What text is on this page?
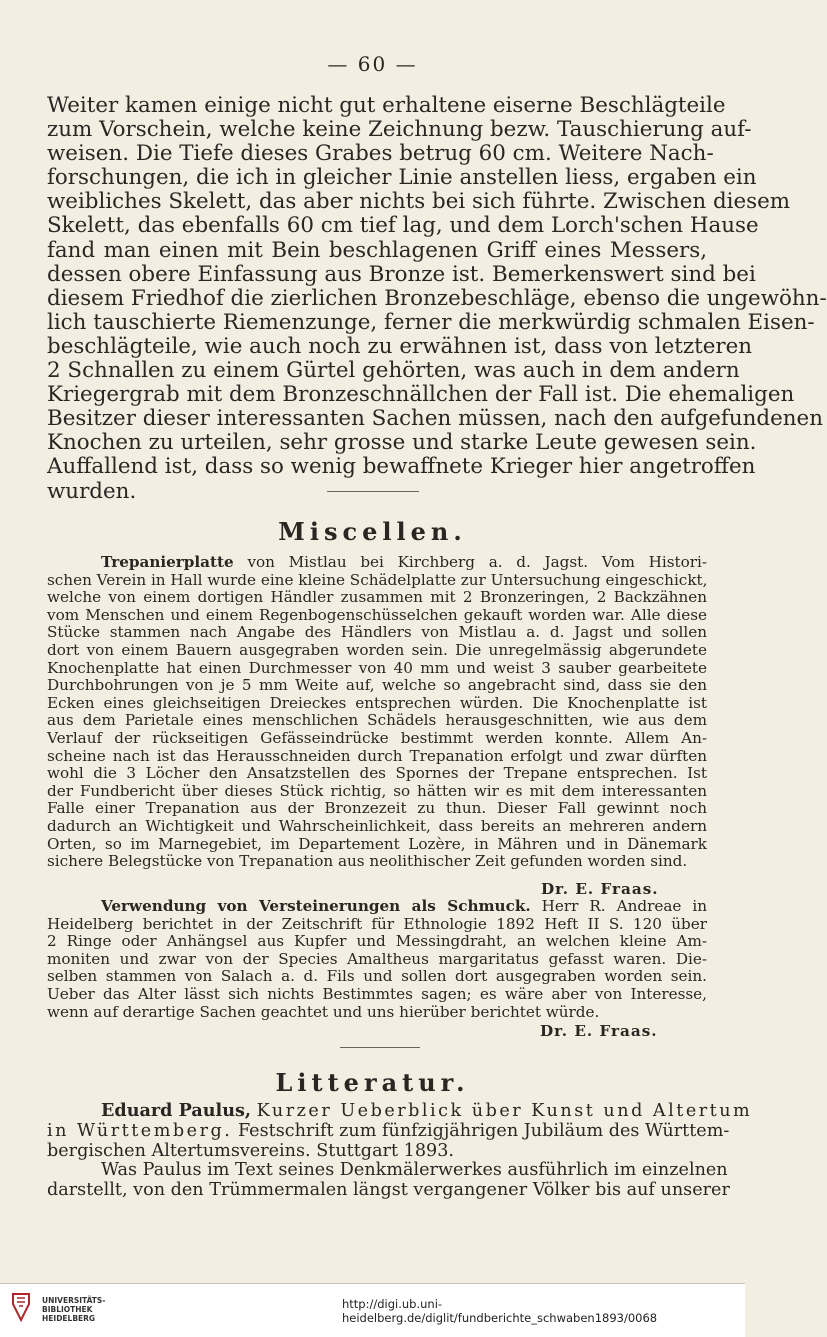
— 60 —
Weiter kamen einige nicht gut erhaltene eiserne Beschlägteile
zum Vorschein, welche keine Zeichnung bezw. Tauschierung auf-
weisen. Die Tiefe dieses Grabes betrug 60 cm. Weitere Nach-
forschungen, die ich in gleicher Linie anstellen liess, ergaben ein
weibliches Skelett, das aber nichts bei sich führte. Zwischen diesem
Skelett, das ebenfalls 60 cm tief lag, und dem Lorch'schen Hause
fand man einen mit Bein beschlagenen Griff eines Messers,
dessen obere Einfassung aus Bronze ist. Bemerkenswert sind bei
diesem Friedhof die zierlichen Bronzebeschläge, ebenso die ungewöhn-
lich tauschierte Riemenzunge, ferner die merkwürdig schmalen Eisen-
beschlägteile, wie auch noch zu erwähnen ist, dass von letzteren
2 Schnallen zu einem Gürtel gehörten, was auch in dem andern
Kriegergrab mit dem Bronzeschnällchen der Fall ist. Die ehemaligen
Besitzer dieser interessanten Sachen müssen, nach den aufgefundenen
Knochen zu urteilen, sehr grosse und starke Leute gewesen sein.
Auffallend ist, dass so wenig bewaffnete Krieger hier angetroffen
wurden.
Miscellen.
Trepanierplatte von Mistlau bei Kirchberg a. d. Jagst. Vom Histori-
schen Verein in Hall wurde eine kleine Schädelplatte zur Untersuchung eingeschickt,
welche von einem dortigen Händler zusammen mit 2 Bronzeringen, 2 Backzähnen
vom Menschen und einem Regenbogenschüsselchen gekauft worden war. Alle diese
Stücke stammen nach Angabe des Händlers von Mistlau a. d. Jagst und sollen
dort von einem Bauern ausgegraben worden sein. Die unregelmässig abgerundete
Knochenplatte hat einen Durchmesser von 40 mm und weist 3 sauber gearbeitete
Durchbohrungen von je 5 mm Weite auf, welche so angebracht sind, dass sie den
Ecken eines gleichseitigen Dreieckes entsprechen würden. Die Knochenplatte ist
aus dem Parietale eines menschlichen Schädels herausgeschnitten, wie aus dem
Verlauf der rückseitigen Gefässeindrücke bestimmt werden konnte. Allem An-
scheine nach ist das Herausschneiden durch Trepanation erfolgt und zwar dürften
wohl die 3 Löcher den Ansatzstellen des Spornes der Trepane entsprechen. Ist
der Fundbericht über dieses Stück richtig, so hätten wir es mit dem interessanten
Falle einer Trepanation aus der Bronzezeit zu thun. Dieser Fall gewinnt noch
dadurch an Wichtigkeit und Wahrscheinlichkeit, dass bereits an mehreren andern
Orten, so im Marnegebiet, im Departement Lozère, in Mähren und in Dänemark
sichere Belegstücke von Trepanation aus neolithischer Zeit gefunden worden sind.
Dr. E. Fraas.
Verwendung von Versteinerungen als Schmuck. Herr R. Andreae in
Heidelberg berichtet in der Zeitschrift für Ethnologie 1892 Heft II S. 120 über
2 Ringe oder Anhängsel aus Kupfer und Messingdraht, an welchen kleine Am-
moniten und zwar von der Species Amaltheus margaritatus gefasst waren. Die-
selben stammen von Salach a. d. Fils und sollen dort ausgegraben worden sein.
Ueber das Alter lässt sich nichts Bestimmtes sagen; es wäre aber von Interesse,
wenn auf derartige Sachen geachtet und uns hierüber berichtet würde.
Dr. E. Fraas.
Litteratur.
Eduard Paulus, Kurzer Ueberblick über Kunst und Altertum
in Württemberg. Festschrift zum fünfzigjährigen Jubiläum des Württem-
bergischen Altertumsvereins. Stuttgart 1893.
Was Paulus im Text seines Denkmälerwerkes ausführlich im einzelnen
darstellt, von den Trümmermalen längst vergangener Völker bis auf unserer
UNIVERSITÄTS-
BIBLIOTHEK
HEIDELBERG
http://digi.ub.uni-heidelberg.de/diglit/fundberichte_schwaben1893/0068
